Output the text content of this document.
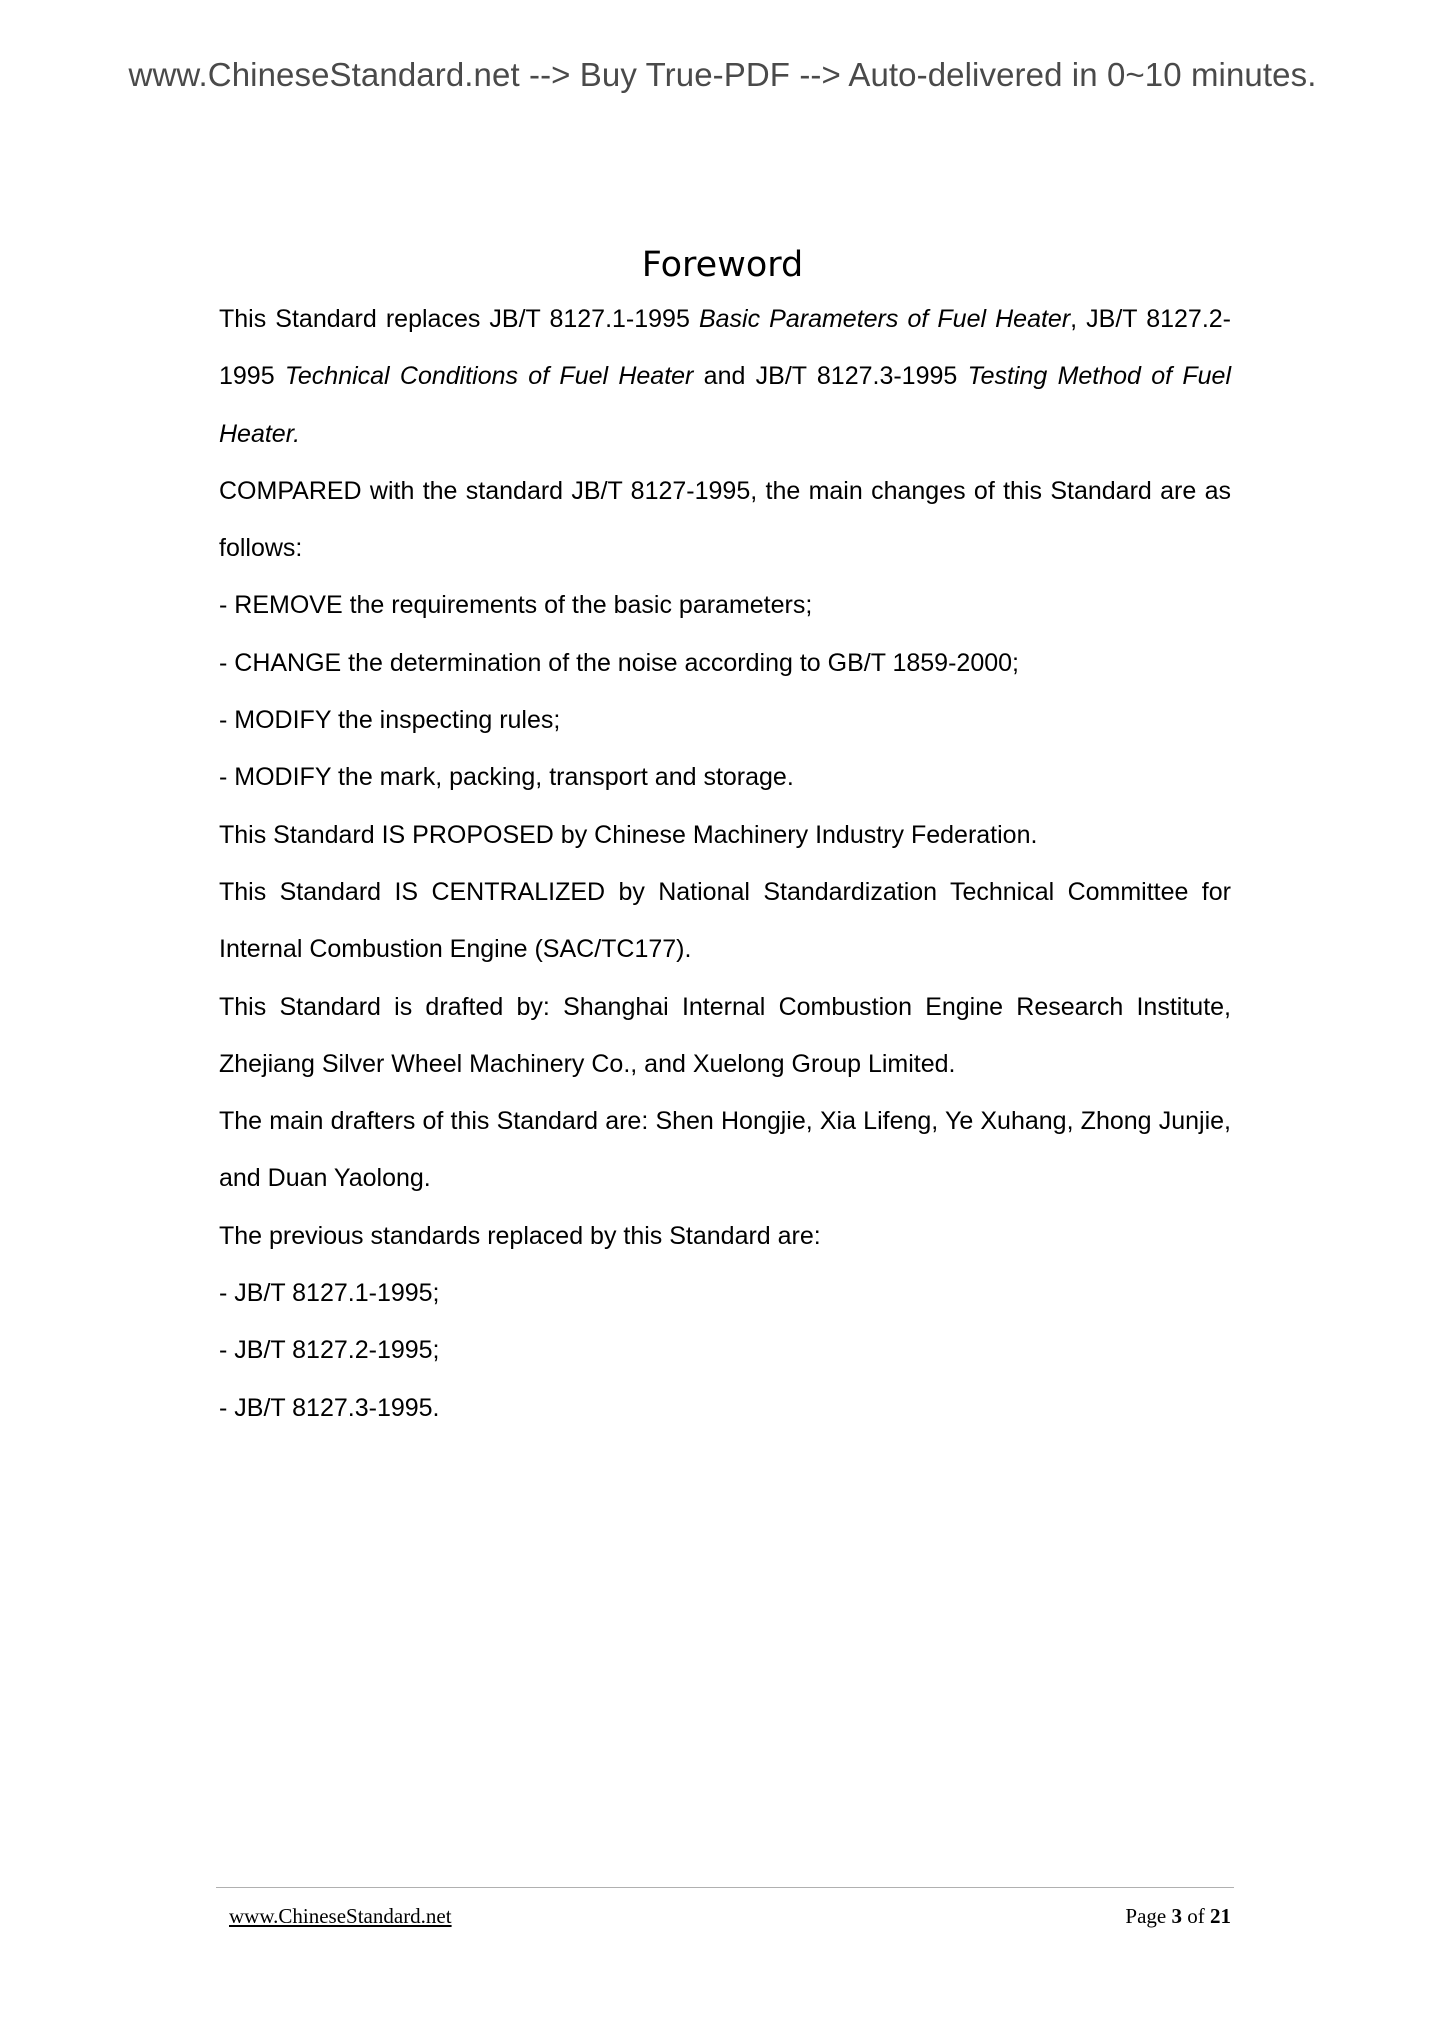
www.ChineseStandard.net --> Buy True-PDF --> Auto-delivered in 0~10 minutes.
Foreword

This Standard replaces JB/T 8127.1-1995 Basic Parameters of Fuel Heater, JB/T 8127.2-1995 Technical Conditions of Fuel Heater and JB/T 8127.3-1995 Testing Method of Fuel Heater.

COMPARED with the standard JB/T 8127-1995, the main changes of this Standard are as follows:

- REMOVE the requirements of the basic parameters;

- CHANGE the determination of the noise according to GB/T 1859-2000;

- MODIFY the inspecting rules;

- MODIFY the mark, packing, transport and storage.

This Standard IS PROPOSED by Chinese Machinery Industry Federation.

This Standard IS CENTRALIZED by National Standardization Technical Committee for Internal Combustion Engine (SAC/TC177).

This Standard is drafted by: Shanghai Internal Combustion Engine Research Institute, Zhejiang Silver Wheel Machinery Co., and Xuelong Group Limited.

The main drafters of this Standard are: Shen Hongjie, Xia Lifeng, Ye Xuhang, Zhong Junjie, and Duan Yaolong.

The previous standards replaced by this Standard are:

- JB/T 8127.1-1995;

- JB/T 8127.2-1995;

- JB/T 8127.3-1995.

www.ChineseStandard.net	Page 3 of 21
